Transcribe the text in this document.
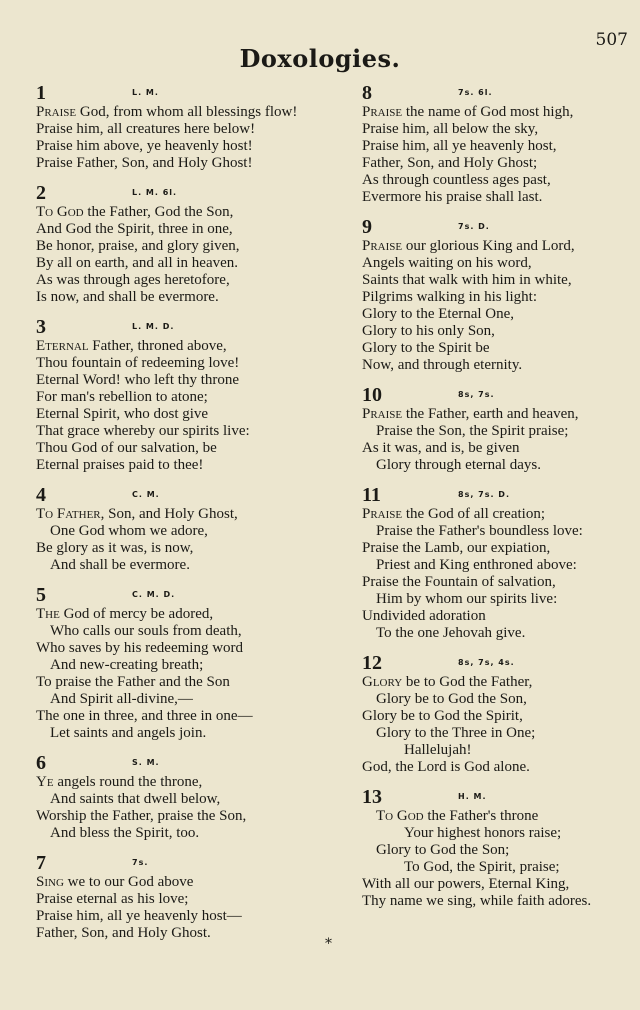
507
Doxologies.
1	L. M.
Praise God, from whom all blessings flow!
Praise him, all creatures here below!
Praise him above, ye heavenly host!
Praise Father, Son, and Holy Ghost!
2	L. M. 6l.
To God the Father, God the Son,
And God the Spirit, three in one,
Be honor, praise, and glory given,
By all on earth, and all in heaven.
As was through ages heretofore,
Is now, and shall be evermore.
3	L. M. D.
Eternal Father, throned above,
Thou fountain of redeeming love!
Eternal Word! who left thy throne
For man's rebellion to atone;
Eternal Spirit, who dost give
That grace whereby our spirits live:
Thou God of our salvation, be
Eternal praises paid to thee!
4	C. M.
To Father, Son, and Holy Ghost,
One God whom we adore,
Be glory as it was, is now,
And shall be evermore.
5	C. M. D.
The God of mercy be adored,
Who calls our souls from death,
Who saves by his redeeming word
And new-creating breath;
To praise the Father and the Son
And Spirit all-divine,—
The one in three, and three in one—
Let saints and angels join.
6	S. M.
Ye angels round the throne,
And saints that dwell below,
Worship the Father, praise the Son,
And bless the Spirit, too.
7	7s.
Sing we to our God above
Praise eternal as his love;
Praise him, all ye heavenly host—
Father, Son, and Holy Ghost.
8	7s. 6l.
Praise the name of God most high,
Praise him, all below the sky,
Praise him, all ye heavenly host,
Father, Son, and Holy Ghost;
As through countless ages past,
Evermore his praise shall last.
9	7s. D.
Praise our glorious King and Lord,
Angels waiting on his word,
Saints that walk with him in white,
Pilgrims walking in his light:
Glory to the Eternal One,
Glory to his only Son,
Glory to the Spirit be
Now, and through eternity.
10	8s, 7s.
Praise the Father, earth and heaven,
Praise the Son, the Spirit praise;
As it was, and is, be given
Glory through eternal days.
11	8s, 7s. D.
Praise the God of all creation;
Praise the Father's boundless love:
Praise the Lamb, our expiation,
Priest and King enthroned above:
Praise the Fountain of salvation,
Him by whom our spirits live:
Undivided adoration
To the one Jehovah give.
12	8s, 7s, 4s.
Glory be to God the Father,
Glory be to God the Son,
Glory be to God the Spirit,
Glory to the Three in One;
Hallelujah!
God, the Lord is God alone.
13	H. M.
To God the Father's throne
Your highest honors raise;
Glory to God the Son;
To God, the Spirit, praise;
With all our powers, Eternal King,
Thy name we sing, while faith adores.
*
